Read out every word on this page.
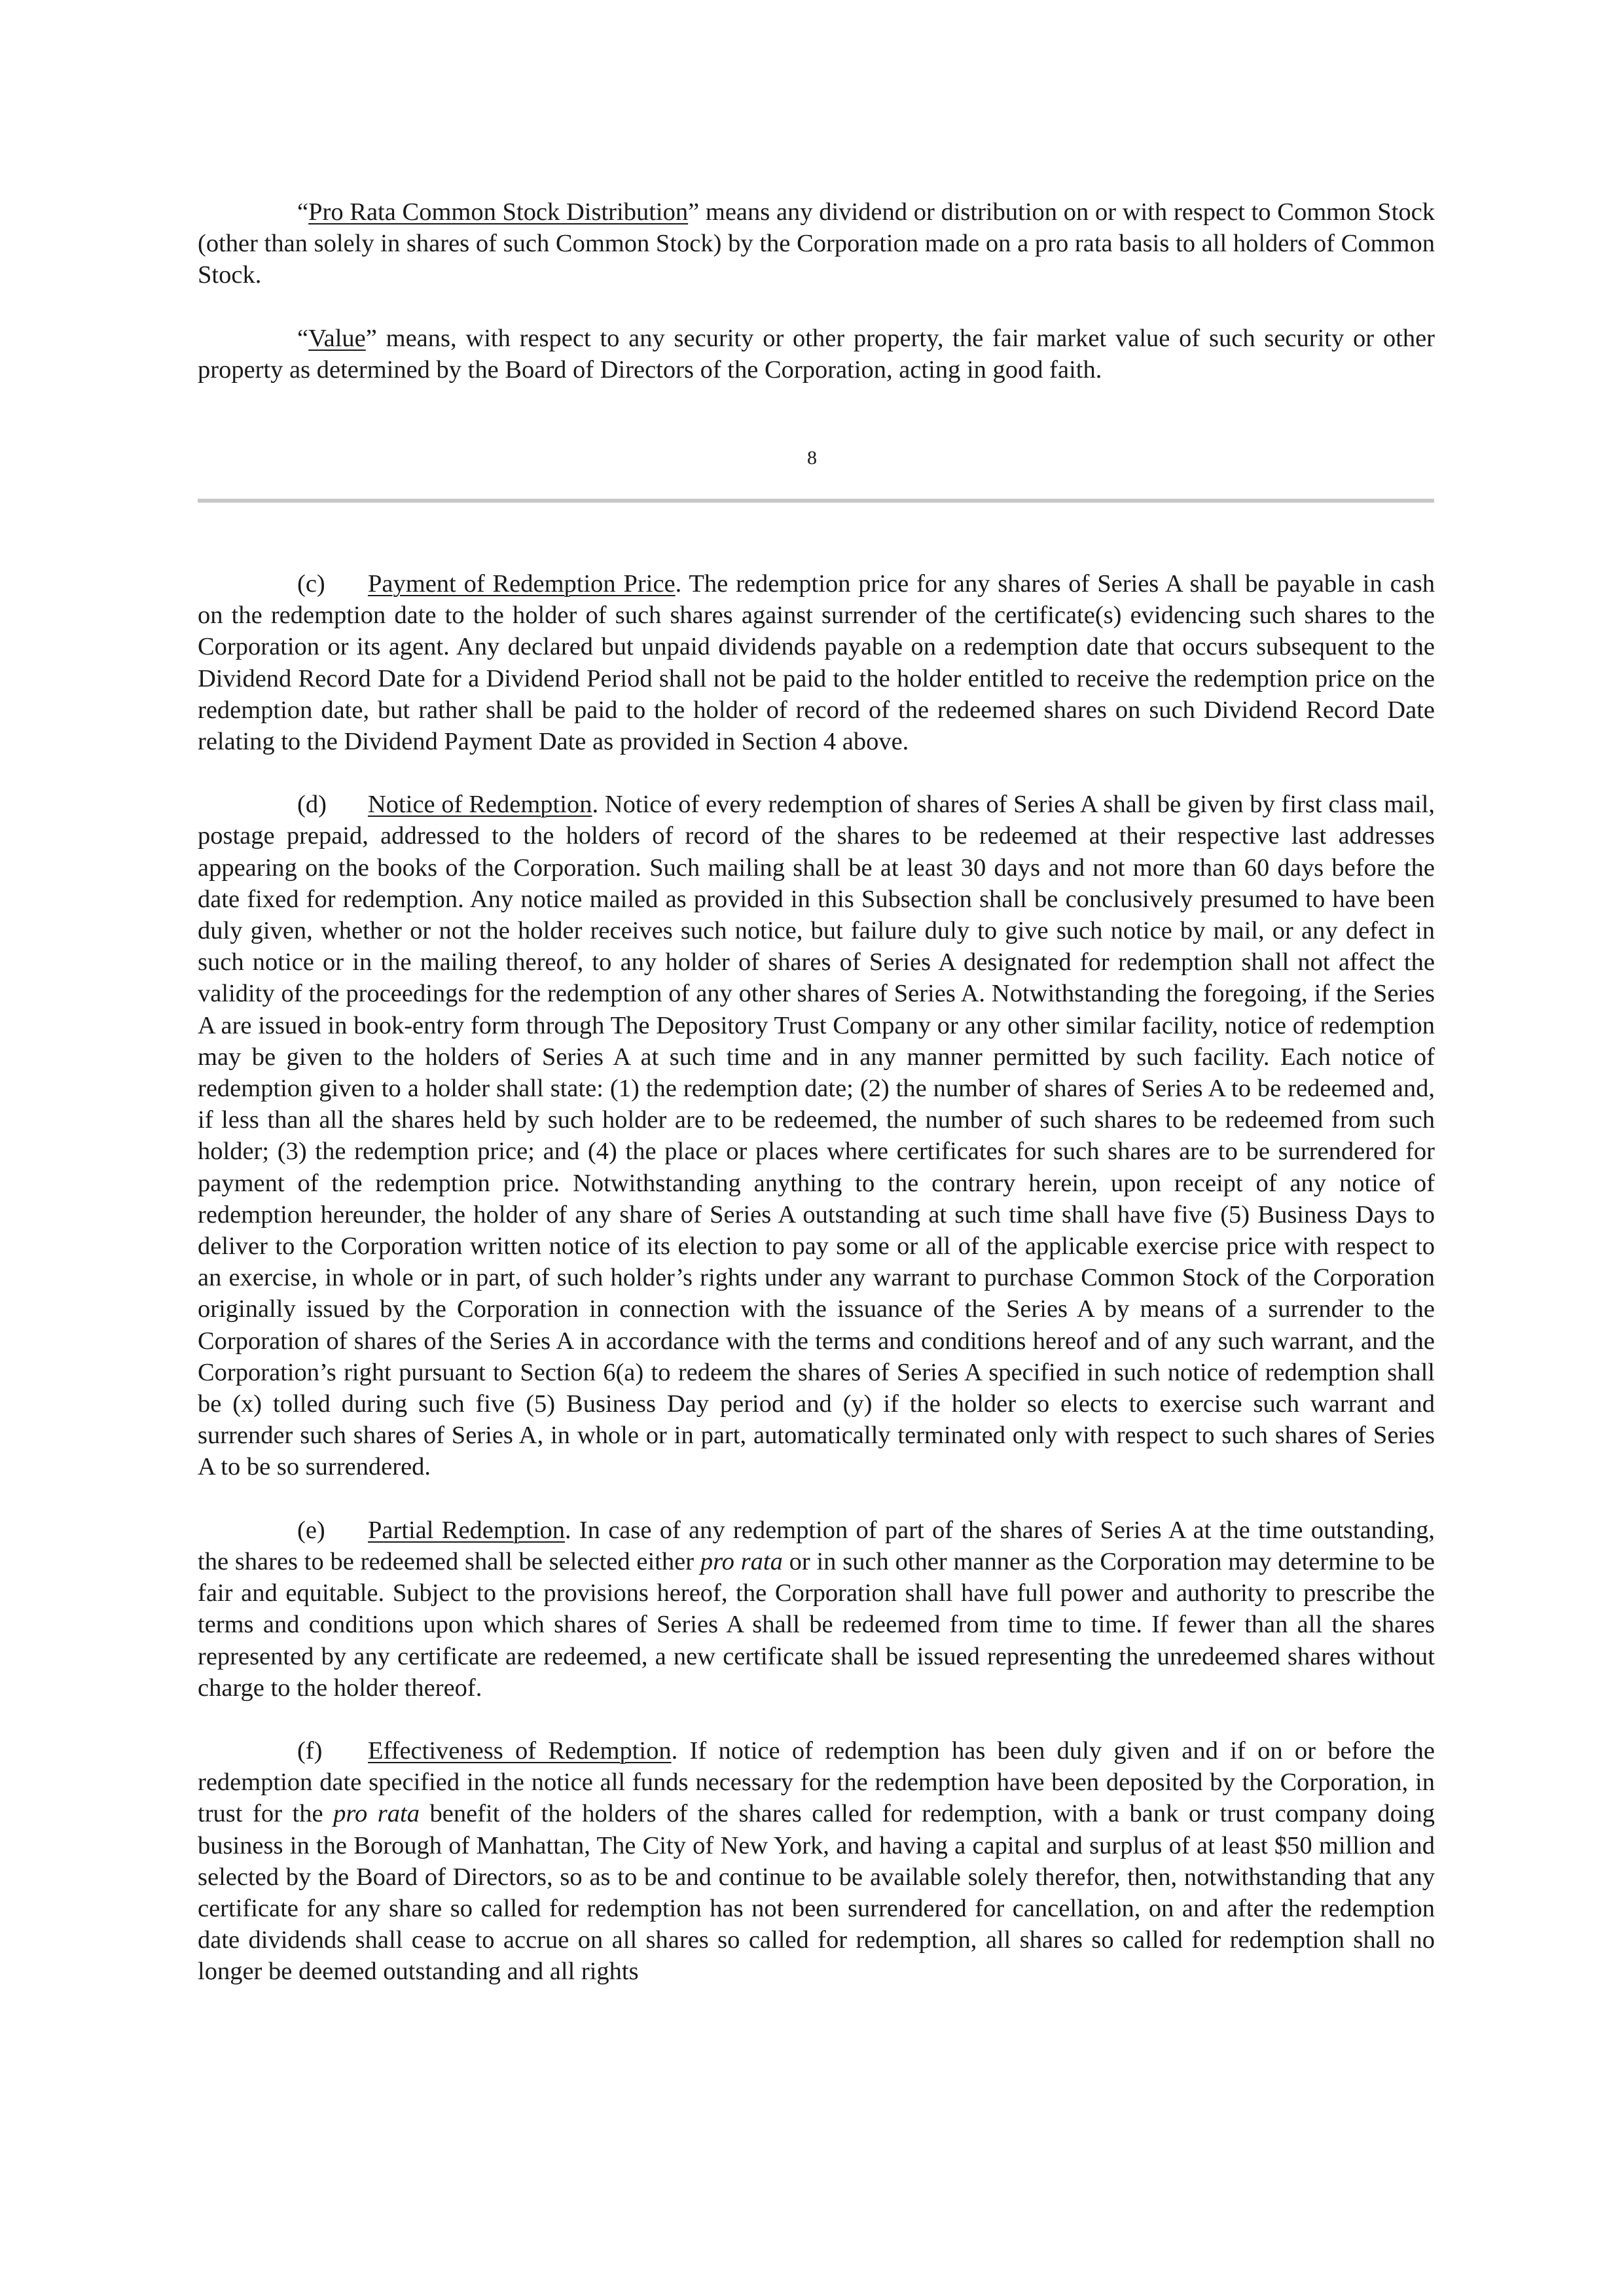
“Pro Rata Common Stock Distribution” means any dividend or distribution on or with respect to Common Stock (other than solely in shares of such Common Stock) by the Corporation made on a pro rata basis to all holders of Common Stock.

“Value” means, with respect to any security or other property, the fair market value of such security or other property as determined by the Board of Directors of the Corporation, acting in good faith.

8

(c) Payment of Redemption Price. The redemption price for any shares of Series A shall be payable in cash on the redemption date to the holder of such shares against surrender of the certificate(s) evidencing such shares to the Corporation or its agent. Any declared but unpaid dividends payable on a redemption date that occurs subsequent to the Dividend Record Date for a Dividend Period shall not be paid to the holder entitled to receive the redemption price on the redemption date, but rather shall be paid to the holder of record of the redeemed shares on such Dividend Record Date relating to the Dividend Payment Date as provided in Section 4 above.

(d) Notice of Redemption. Notice of every redemption of shares of Series A shall be given by first class mail, postage prepaid, addressed to the holders of record of the shares to be redeemed at their respective last addresses appearing on the books of the Corporation. Such mailing shall be at least 30 days and not more than 60 days before the date fixed for redemption. Any notice mailed as provided in this Subsection shall be conclusively presumed to have been duly given, whether or not the holder receives such notice, but failure duly to give such notice by mail, or any defect in such notice or in the mailing thereof, to any holder of shares of Series A designated for redemption shall not affect the validity of the proceedings for the redemption of any other shares of Series A. Notwithstanding the foregoing, if the Series A are issued in book-entry form through The Depository Trust Company or any other similar facility, notice of redemption may be given to the holders of Series A at such time and in any manner permitted by such facility. Each notice of redemption given to a holder shall state: (1) the redemption date; (2) the number of shares of Series A to be redeemed and, if less than all the shares held by such holder are to be redeemed, the number of such shares to be redeemed from such holder; (3) the redemption price; and (4) the place or places where certificates for such shares are to be surrendered for payment of the redemption price. Notwithstanding anything to the contrary herein, upon receipt of any notice of redemption hereunder, the holder of any share of Series A outstanding at such time shall have five (5) Business Days to deliver to the Corporation written notice of its election to pay some or all of the applicable exercise price with respect to an exercise, in whole or in part, of such holder’s rights under any warrant to purchase Common Stock of the Corporation originally issued by the Corporation in connection with the issuance of the Series A by means of a surrender to the Corporation of shares of the Series A in accordance with the terms and conditions hereof and of any such warrant, and the Corporation’s right pursuant to Section 6(a) to redeem the shares of Series A specified in such notice of redemption shall be (x) tolled during such five (5) Business Day period and (y) if the holder so elects to exercise such warrant and surrender such shares of Series A, in whole or in part, automatically terminated only with respect to such shares of Series A to be so surrendered.

(e) Partial Redemption. In case of any redemption of part of the shares of Series A at the time outstanding, the shares to be redeemed shall be selected either pro rata or in such other manner as the Corporation may determine to be fair and equitable. Subject to the provisions hereof, the Corporation shall have full power and authority to prescribe the terms and conditions upon which shares of Series A shall be redeemed from time to time. If fewer than all the shares represented by any certificate are redeemed, a new certificate shall be issued representing the unredeemed shares without charge to the holder thereof.

(f) Effectiveness of Redemption. If notice of redemption has been duly given and if on or before the redemption date specified in the notice all funds necessary for the redemption have been deposited by the Corporation, in trust for the pro rata benefit of the holders of the shares called for redemption, with a bank or trust company doing business in the Borough of Manhattan, The City of New York, and having a capital and surplus of at least $50 million and selected by the Board of Directors, so as to be and continue to be available solely therefor, then, notwithstanding that any certificate for any share so called for redemption has not been surrendered for cancellation, on and after the redemption date dividends shall cease to accrue on all shares so called for redemption, all shares so called for redemption shall no longer be deemed outstanding and all rights
